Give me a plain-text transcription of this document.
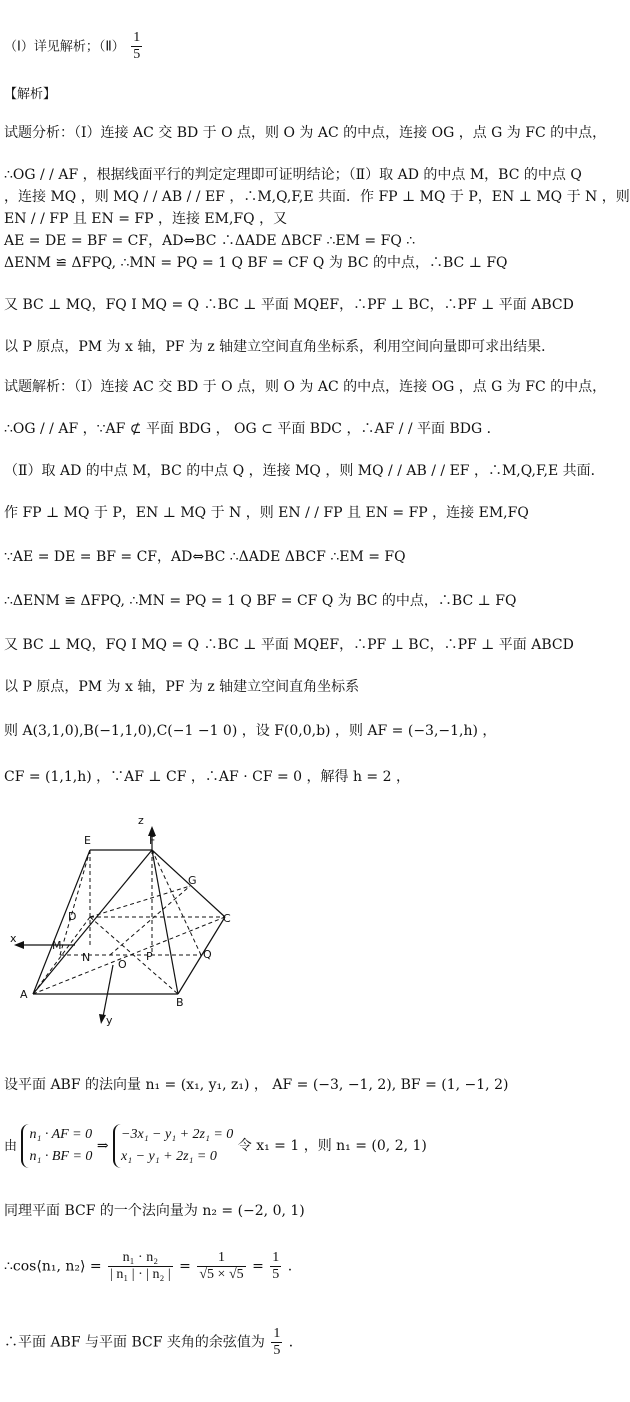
（Ⅰ）详见解析；（Ⅱ） $\frac{1}{5}$
【解析】
试题分析：（Ⅰ）连接 AC 交 BD 于 O 点，则 O 为 AC 的中点，连接 OG ，点 G 为 FC 的中点，
∴OG / / AF ，根据线面平行的判定定理即可证明结论；（Ⅱ）取 AD 的中点 M，BC 的中点 Q
，连接 MQ ，则 MQ / / AB / / EF ，∴M,Q,F,E 共面．作 FP ⊥ MQ 于 P，EN ⊥ MQ 于 N ，则
EN / / FP 且 EN = FP ，连接 EM,FQ ，又
AE = DE = BF = CF，AD⇔BC ∴ΔADE ΔBCF ∴EM = FQ ∴
ΔENM ≌ ΔFPQ, ∴MN = PQ = 1 Q BF = CF Q 为 BC 的中点，∴BC ⊥ FQ
又 BC ⊥ MQ，FQ I MQ = Q ∴BC ⊥ 平面 MQEF，∴PF ⊥ BC，∴PF ⊥ 平面 ABCD
以 P 原点，PM 为 x 轴，PF 为 z 轴建立空间直角坐标系，利用空间向量即可求出结果．
试题解析：（Ⅰ）连接 AC 交 BD 于 O 点，则 O 为 AC 的中点，连接 OG ，点 G 为 FC 的中点，
∴OG / / AF ，∵AF ⊄ 平面 BDG ， OG ⊂ 平面 BDC ，∴AF / / 平面 BDG ．
（Ⅱ）取 AD 的中点 M，BC 的中点 Q ，连接 MQ ，则 MQ / / AB / / EF ，∴M,Q,F,E 共面．
作 FP ⊥ MQ 于 P，EN ⊥ MQ 于 N ，则 EN / / FP 且 EN = FP ，连接 EM,FQ
∵AE = DE = BF = CF，AD⇔BC ∴ΔADE ΔBCF ∴EM = FQ
∴ΔENM ≌ ΔFPQ, ∴MN = PQ = 1 Q BF = CF Q 为 BC 的中点，∴BC ⊥ FQ
又 BC ⊥ MQ，FQ I MQ = Q ∴BC ⊥ 平面 MQEF，∴PF ⊥ BC，∴PF ⊥ 平面 ABCD
以 P 原点，PM 为 x 轴，PF 为 z 轴建立空间直角坐标系
则 A(3,1,0),B(−1,1,0),C(−1 −1 0) ，设 F(0,0,b) ，则 AF = (−3,−1,h) ，
CF = (1,1,h) ，∵AF ⊥ CF ，∴AF · CF = 0 ，解得 h = 2 ，
E	F
z
G
D	C
x
M
N
O
P	Q
A
B
y
设平面 ABF 的法向量 n₁ = (x₁, y₁, z₁) ， AF = (−3, −1, 2), BF = (1, −1, 2)
由 n₁ · AF = 0
n₁ · BF = 0 ⇒ −3x₁ − y₁ + 2z₁ = 0
x₁ − y₁ + 2z₁ = 0 令 x₁ = 1 ，则 n₁ = (0, 2, 1)
同理平面 BCF 的一个法向量为 n₂ = (−2, 0, 1)
∴cos⟨n₁, n₂⟩ = $\frac{\text{n₁ · n₂}}{\text{| n₁ | · | n₂ |}} = \frac{1}{√5 \times √5} = \frac{1}{5}$ .
∴平面 ABF 与平面 BCF 夹角的余弦值为 $\frac{1}{5}$ ．
